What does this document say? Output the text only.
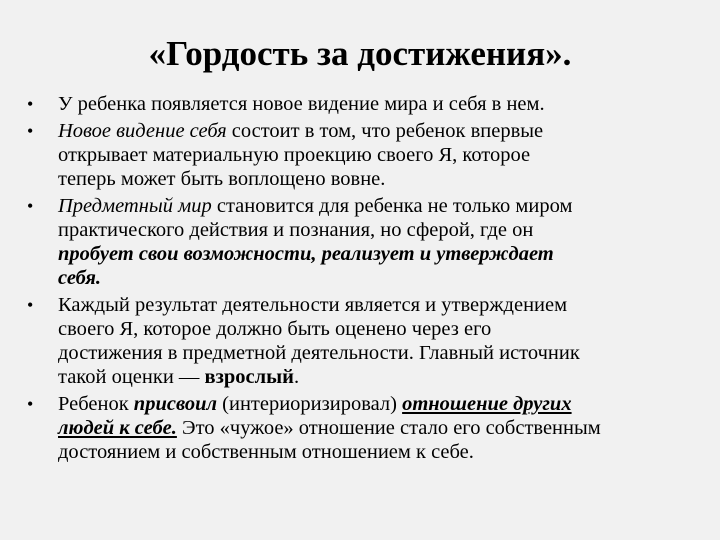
«Гордость за достижения».
•	У ребенка появляется новое видение мира и себя в нем.
•	Новое видение себя состоит в том, что ребенок впервые
открывает материальную проекцию своего Я, которое
теперь может быть воплощено вовне.
•	Предметный мир становится для ребенка не только миром
практического действия и познания, но сферой, где он
пробует свои возможности, реализует и утверждает
себя.
•	Каждый результат деятельности является и утверждением
своего Я, которое должно быть оценено через его
достижения в предметной деятельности. Главный источник
такой оценки — взрослый.
•	Ребенок присвоил (интериоризировал) отношение других
людей к себе. Это «чужое» отношение стало его собственным
достоянием и собственным отношением к себе.
